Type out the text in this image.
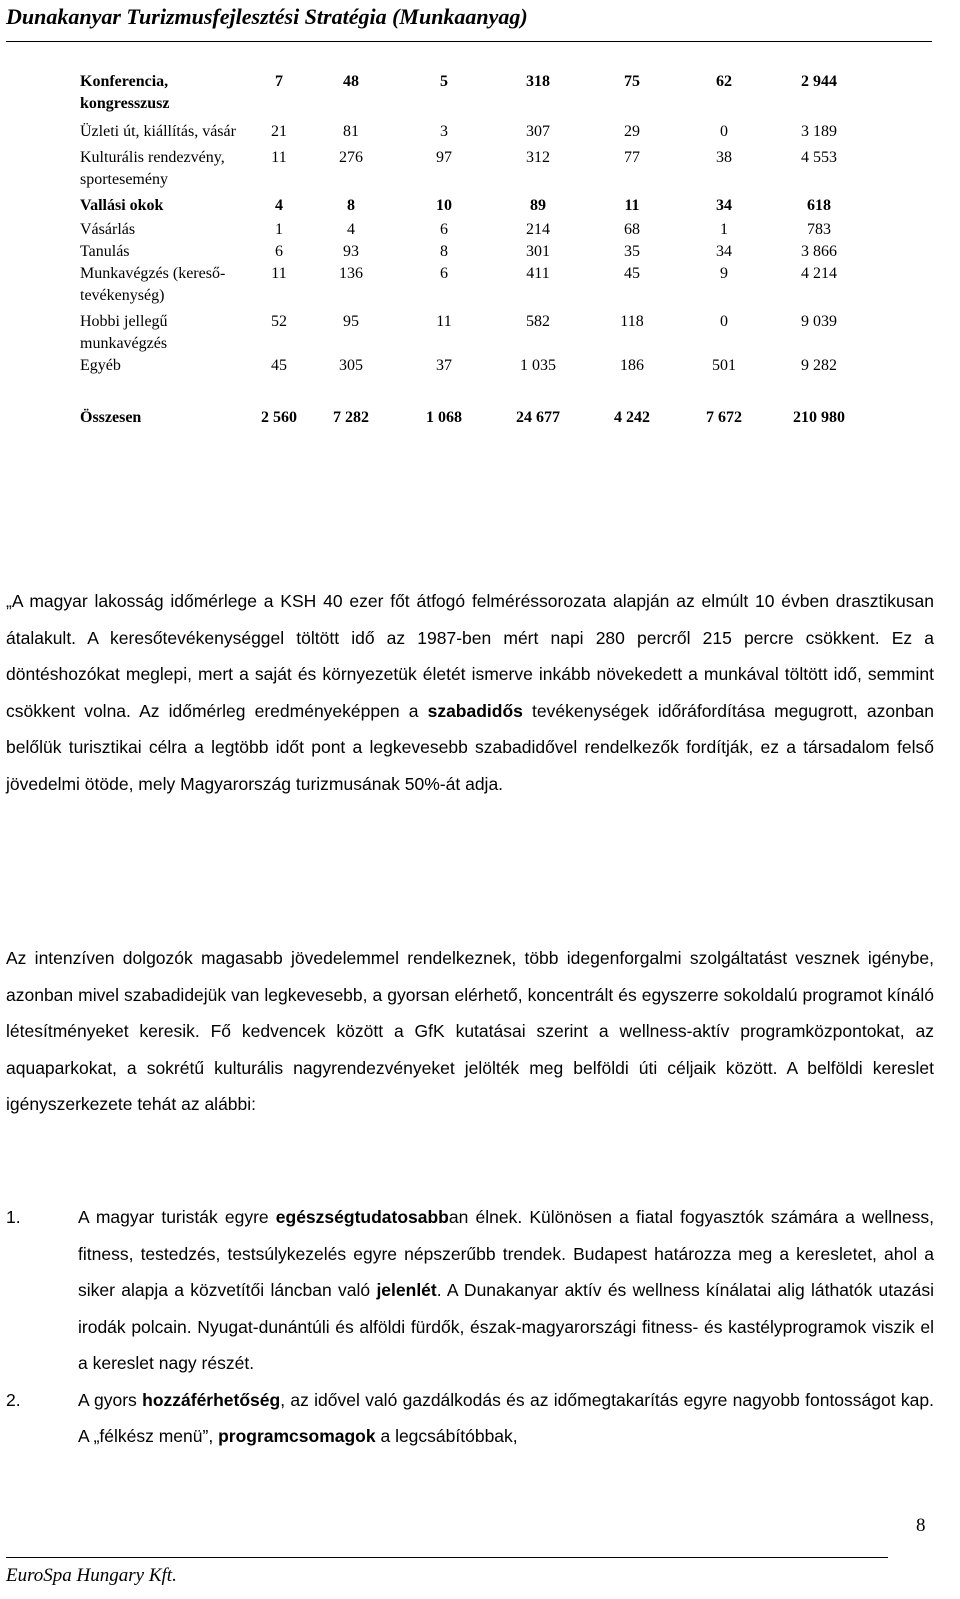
Dunakanyar Turizmusfejlesztési Stratégia (Munkaanyag)
Konferencia, kongresszusz	7	48	5	318	75	62	2 944
Üzleti út, kiállítás, vásár	21	81	3	307	29	0	3 189
Kulturális rendezvény, sportesemény	11	276	97	312	77	38	4 553
Vallási okok	4	8	10	89	11	34	618
Vásárlás	1	4	6	214	68	1	783
Tanulás	6	93	8	301	35	34	3 866
Munkavégzés (kereső-tevékenység)	11	136	6	411	45	9	4 214
Hobbi jellegű munkavégzés	52	95	11	582	118	0	9 039
Egyéb	45	305	37	1 035	186	501	9 282

Összesen	2 560	7 282	1 068	24 677	4 242	7 672	210 980
„A magyar lakosság időmérlege a KSH 40 ezer főt átfogó felméréssorozata alapján az elmúlt 10 évben drasztikusan átalakult. A keresőtevékenységgel töltött idő az 1987-ben mért napi 280 percről 215 percre csökkent. Ez a döntéshozókat meglepi, mert a saját és környezetük életét ismerve inkább növekedett a munkával töltött idő, semmint csökkent volna. Az időmérleg eredményeképpen a szabadidős tevékenységek időráfordítása megugrott, azonban belőlük turisztikai célra a legtöbb időt pont a legkevesebb szabadidővel rendelkezők fordítják, ez a társadalom felső jövedelmi ötöde, mely Magyarország turizmusának 50%-át adja.
Az intenzíven dolgozók magasabb jövedelemmel rendelkeznek, több idegenforgalmi szolgáltatást vesznek igénybe, azonban mivel szabadidejük van legkevesebb, a gyorsan elérhető, koncentrált és egyszerre sokoldalú programot kínáló létesítményeket keresik. Fő kedvencek között a GfK kutatásai szerint a wellness-aktív programközpontokat, az aquaparkokat, a sokrétű kulturális nagyrendezvényeket jelölték meg belföldi úti céljaik között. A belföldi kereslet igényszerkezete tehát az alábbi:
1.	A magyar turisták egyre egészségtudatosabban élnek. Különösen a fiatal fogyasztók számára a wellness, fitness, testedzés, testsúlykezelés egyre népszerűbb trendek. Budapest határozza meg a keresletet, ahol a siker alapja a közvetítői láncban való jelenlét. A Dunakanyar aktív és wellness kínálatai alig láthatók utazási irodák polcain. Nyugat-dunántúli és alföldi fürdők, észak-magyarországi fitness- és kastélyprogramok viszik el a kereslet nagy részét.
2.	A gyors hozzáférhetőség, az idővel való gazdálkodás és az időmegtakarítás egyre nagyobb fontosságot kap. A „félkész menü”, programcsomagok a legcsábítóbbak,
EuroSpa Hungary Kft.
8
